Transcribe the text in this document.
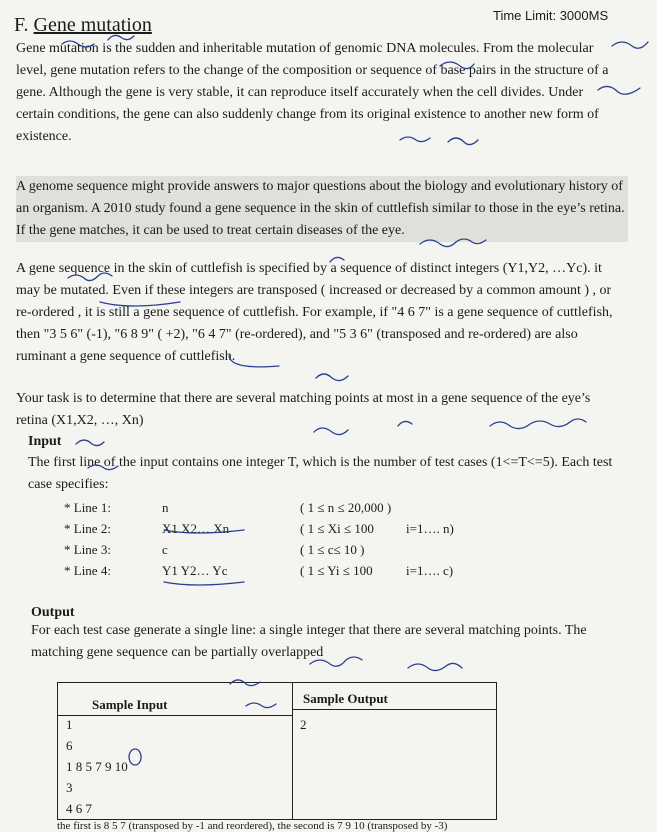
F. Gene mutation	Time Limit: 3000MS
Gene mutation is the sudden and inheritable mutation of genomic DNA molecules. From the molecular level, gene mutation refers to the change of the composition or sequence of base pairs in the structure of a gene. Although the gene is very stable, it can reproduce itself accurately when the cell divides. Under certain conditions, the gene can also suddenly change from its original existence to another new form of existence.
A genome sequence might provide answers to major questions about the biology and evolutionary history of an organism. A 2010 study found a gene sequence in the skin of cuttlefish similar to those in the eye’s retina. If the gene matches, it can be used to treat certain diseases of the eye.
A gene sequence in the skin of cuttlefish is specified by a sequence of distinct integers (Y1,Y2, …Yc). it may be mutated. Even if these integers are transposed ( increased or decreased by a common amount ) , or re-ordered , it is still a gene sequence of cuttlefish. For example, if "4 6 7" is a gene sequence of cuttlefish, then "3 5 6" (-1), "6 8 9" ( +2), "6 4 7" (re-ordered), and "5 3 6" (transposed and re-ordered) are also ruminant a gene sequence of cuttlefish.
Your task is to determine that there are several matching points at most in a gene sequence of the eye’s retina (X1,X2, …, Xn)
Input
The first line of the input contains one integer T, which is the number of test cases (1<=T<=5). Each test case specifies:
* Line 1:	n	( 1 ≤ n ≤ 20,000 )
* Line 2:	X1 X2… Xn	( 1 ≤ Xi ≤ 100 i=1…. n)
* Line 3:	c	( 1 ≤ c≤ 10 )
* Line 4:	Y1 Y2… Yc	( 1 ≤ Yi ≤ 100	i=1…. c)
Output
For each test case generate a single line: a single integer that there are several matching points. The matching gene sequence can be partially overlapped
Sample Input	Sample Output
1
6
1 8 5 7 9 10
3
4 6 7
2
the first is 8 5 7 (transposed by -1 and reordered), the second is 7 9 10 (transposed by -3)
